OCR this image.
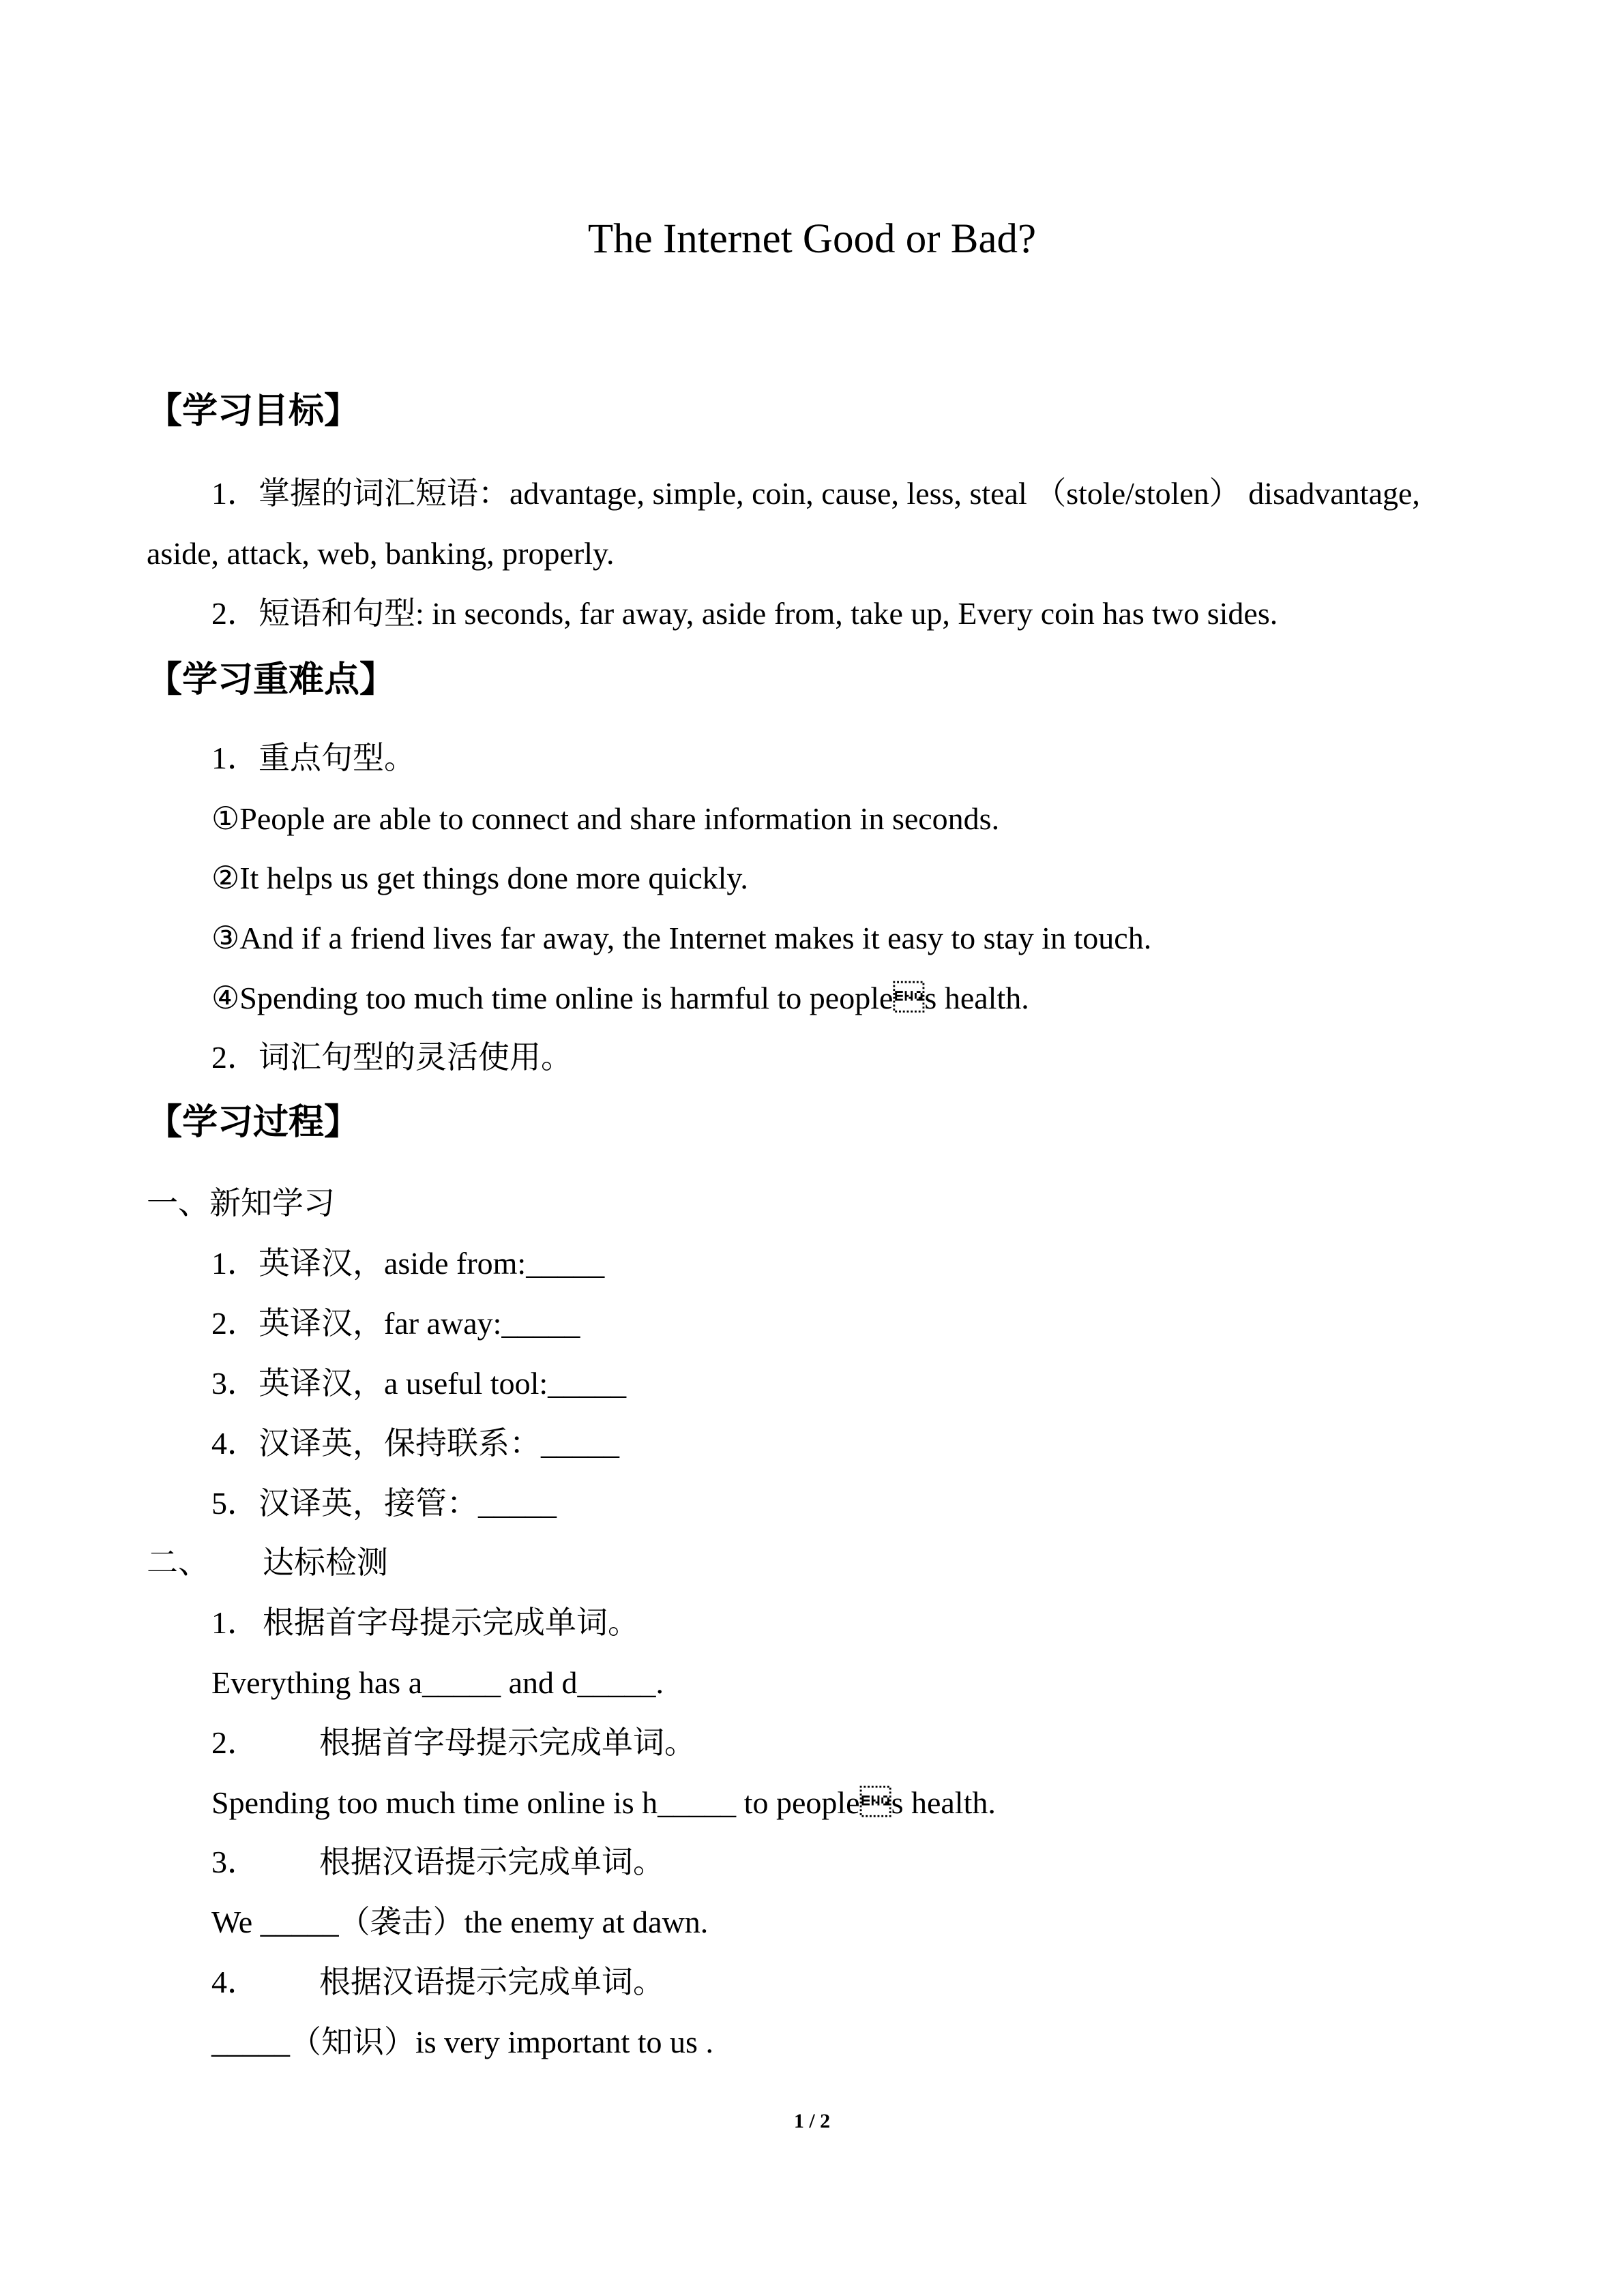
The Internet Good or Bad?
【学习目标】
1．掌握的词汇短语：advantage, simple, coin, cause, less, steal （stole/stolen） disadvantage,
aside, attack, web, banking, properly.
2．短语和句型: in seconds, far away, aside from, take up, Every coin has two sides.
【学习重难点】
1．重点句型。
①People are able to connect and share information in seconds.
②It helps us get things done more quickly.
③And if a friend lives far away, the Internet makes it easy to stay in touch.
④Spending too much time online is harmful to peoples health.
2．词汇句型的灵活使用。
【学习过程】
一、新知学习
1．英译汉，aside from:_____
2．英译汉，far away:_____
3．英译汉，a useful tool:_____
4．汉译英，保持联系：_____
5．汉译英，接管：_____
二、 达标检测
1． 根据首字母提示完成单词。
Everything has a_____ and d_____.
2． 根据首字母提示完成单词。
Spending too much time online is h_____ to peoples health.
3． 根据汉语提示完成单词。
We _____（袭击）the enemy at dawn.
4． 根据汉语提示完成单词。
_____（知识）is very important to us .
1 / 2
